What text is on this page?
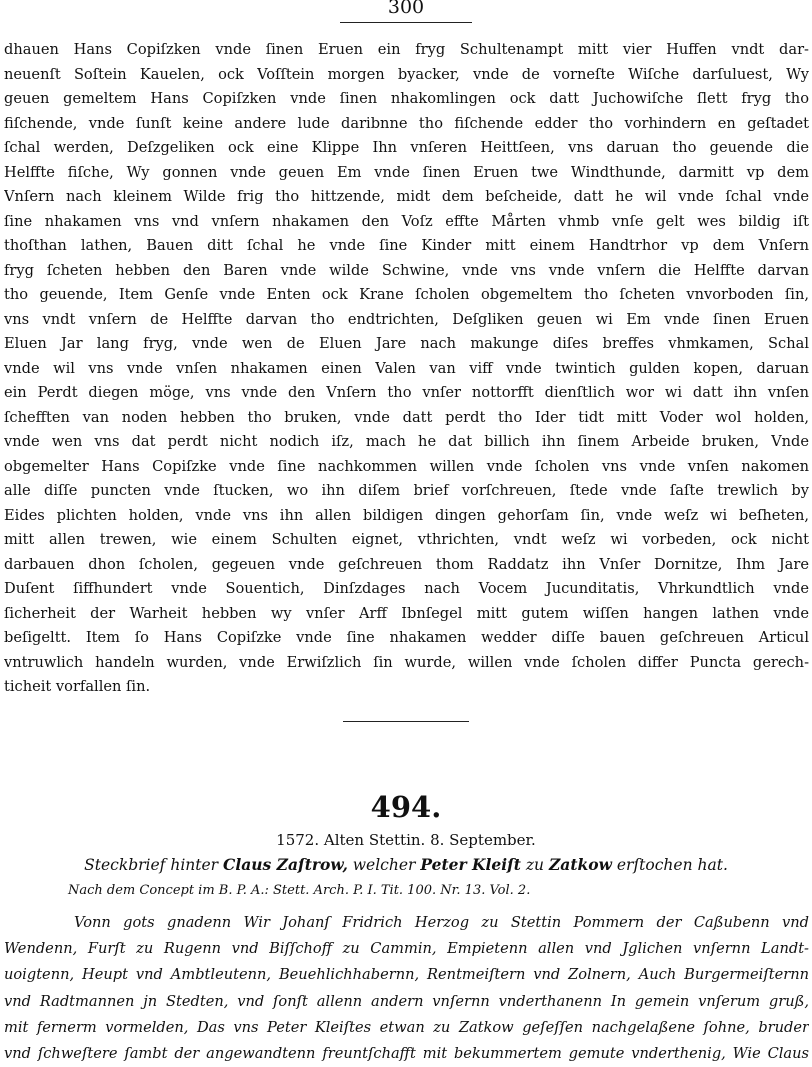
300
dhauen Hans Copiſzken vnde ſinen Eruen ein fryg Schultenampt mitt vier Huffen vndt dar-
neuenſt Soſtein Kauelen, ock Voſſtein morgen byacker, vnde de vorneſte Wiſche darſuluest, Wy
geuen gemeltem Hans Copiſzken vnde ſinen nhakomlingen ock datt Juchowiſche ſlett fryg tho
fiſchende, vnde ſunſt keine andere lude daribnne tho fiſchende edder tho vorhindern en geſtadet
ſchal werden, Deſzgeliken ock eine Klippe Ihn vnſeren Heittſeen, vns daruan tho geuende die
Helffte fiſche, Wy gonnen vnde geuen Em vnde ſinen Eruen twe Windthunde, darmitt vp dem
Vnſern nach kleinem Wilde frig tho hittzende, midt dem beſcheide, datt he wil vnde ſchal vnde
ſine nhakamen vns vnd vnſern nhakamen den Voſz effte Mårten vhmb vnſe gelt wes bildig iſt
thoſthan lathen, Bauen ditt ſchal he vnde ſine Kinder mitt einem Handtrhor vp dem Vnſern
fryg ſcheten hebben den Baren vnde wilde Schwine, vnde vns vnde vnſern die Helffte darvan
tho geuende, Item Genſe vnde Enten ock Krane ſcholen obgemeltem tho ſcheten vnvorboden ſin,
vns vndt vnſern de Helffte darvan tho endtrichten, Deſgliken geuen wi Em vnde ſinen Eruen
Eluen Jar lang fryg, vnde wen de Eluen Jare nach makunge diſes breffes vhmkamen, Schal
vnde wil vns vnde vnſen nhakamen einen Valen van viff vnde twintich gulden kopen, daruan
ein Perdt diegen möge, vns vnde den Vnſern tho vnſer nottorfft dienſtlich wor wi datt ihn vnſen
ſchefften van noden hebben tho bruken, vnde datt perdt tho Ider tidt mitt Voder wol holden,
vnde wen vns dat perdt nicht nodich iſz, mach he dat billich ihn ſinem Arbeide bruken, Vnde
obgemelter Hans Copiſzke vnde ſine nachkommen willen vnde ſcholen vns vnde vnſen nakomen
alle diſſe puncten vnde ſtucken, wo ihn diſem brief vorſchreuen, ſtede vnde ſaſte trewlich by
Eides plichten holden, vnde vns ihn allen bildigen dingen gehorſam ſin, vnde weſz wi beſheten,
mitt allen trewen, wie einem Schulten eignet, vthrichten, vndt weſz wi vorbeden, ock nicht
darbauen dhon ſcholen, gegeuen vnde geſchreuen thom Raddatz ihn Vnſer Dornitze, Ihm Jare
Duſent ſiffhundert vnde Souentich, Dinſzdages nach Vocem Jucunditatis, Vhrkundtlich vnde
ſicherheit der Warheit hebben wy vnſer Arff Ibnſegel mitt gutem wiſſen hangen lathen vnde
beſigeltt. Item ſo Hans Copiſzke vnde ſine nhakamen wedder diſſe bauen geſchreuen Articul
vntruwlich handeln wurden, vnde Erwiſzlich ſin wurde, willen vnde ſcholen differ Puncta gerech-
ticheit vorfallen ſin.
494.
1572. Alten Stettin. 8. September.
Steckbrief hinter Claus Zaſtrow, welcher Peter Kleiſt zu Zatkow erſtochen hat.
Nach dem Concept im B. P. A.: Stett. Arch. P. I. Tit. 100. Nr. 13. Vol. 2.
Vonn gots gnadenn Wir Johanſ Fridrich Herzog zu Stettin Pommern der Caßubenn vnd
Wendenn, Furſt zu Rugenn vnd Biſſchoff zu Cammin, Empietenn allen vnd Jglichen vnſernn Landt-
uoigtenn, Heupt vnd Ambtleutenn, Beuehlichhabernn, Rentmeiſtern vnd Zolnern, Auch Burgermeiſternn
vnd Radtmannen jn Stedten, vnd ſonſt allenn andern vnſernn vnderthanenn In gemein vnſerum gruß,
mit fernerm vormelden, Das vns Peter Kleiſtes etwan zu Zatkow geſeſſen nachgelaßene ſohne, bruder
vnd ſchweſtere ſambt der angewandtenn freuntſchafft mit bekummertem gemute vnderthenig, Wie Claus
